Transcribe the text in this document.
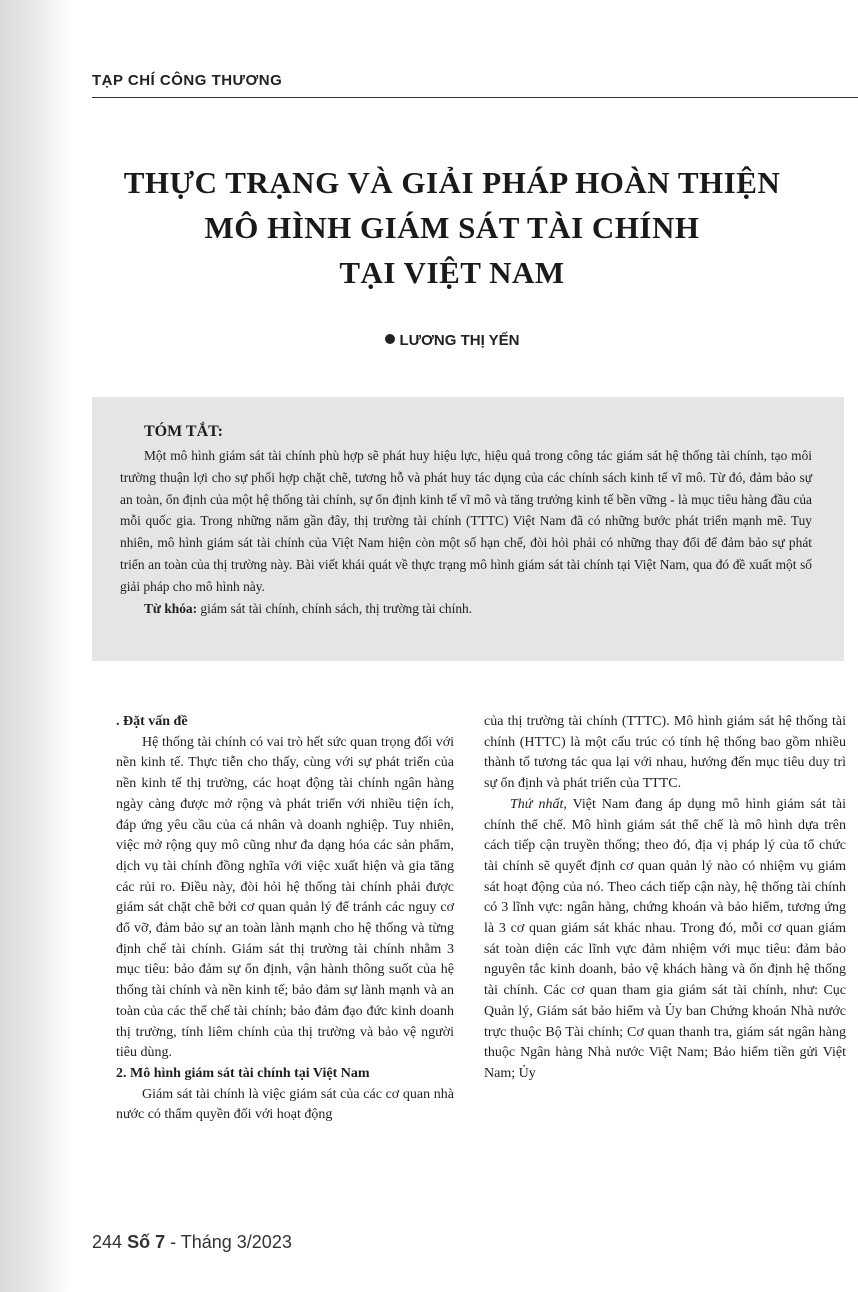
TẠP CHÍ CÔNG THƯƠNG
THỰC TRẠNG VÀ GIẢI PHÁP HOÀN THIỆN
MÔ HÌNH GIÁM SÁT TÀI CHÍNH
TẠI VIỆT NAM
LƯƠNG THỊ YẾN
TÓM TẮT:
Một mô hình giám sát tài chính phù hợp sẽ phát huy hiệu lực, hiệu quả trong công tác giám sát hệ thống tài chính, tạo môi trường thuận lợi cho sự phối hợp chặt chẽ, tương hỗ và phát huy tác dụng của các chính sách kinh tế vĩ mô. Từ đó, đảm bảo sự an toàn, ổn định của một hệ thống tài chính, sự ổn định kinh tế vĩ mô và tăng trưởng kinh tế bền vững - là mục tiêu hàng đầu của mỗi quốc gia. Trong những năm gần đây, thị trường tài chính (TTTC) Việt Nam đã có những bước phát triển mạnh mẽ. Tuy nhiên, mô hình giám sát tài chính của Việt Nam hiện còn một số hạn chế, đòi hỏi phải có những thay đổi để đảm bảo sự phát triển an toàn của thị trường này. Bài viết khái quát về thực trạng mô hình giám sát tài chính tại Việt Nam, qua đó đề xuất một số giải pháp cho mô hình này.
Từ khóa: giám sát tài chính, chính sách, thị trường tài chính.

. Đặt vấn đề

Hệ thống tài chính có vai trò hết sức quan trọng đối với nền kinh tế. Thực tiễn cho thấy, cùng với sự phát triển của nền kinh tế thị trường, các hoạt động tài chính ngân hàng ngày càng được mở rộng và phát triển với nhiều tiện ích, đáp ứng yêu cầu của cá nhân và doanh nghiệp. Tuy nhiên, việc mở rộng quy mô cũng như đa dạng hóa các sản phẩm, dịch vụ tài chính đồng nghĩa với việc xuất hiện và gia tăng các rủi ro. Điều này, đòi hỏi hệ thống tài chính phải được giám sát chặt chẽ bởi cơ quan quản lý để tránh các nguy cơ đổ vỡ, đảm bảo sự an toàn lành mạnh cho hệ thống và từng định chế tài chính. Giám sát thị trường tài chính nhằm 3 mục tiêu: bảo đảm sự ổn định, vận hành thông suốt của hệ thống tài chính và nền kinh tế; bảo đảm sự lành mạnh và an toàn của các thể chế tài chính; bảo đảm đạo đức kinh doanh thị trường, tính liêm chính của thị trường và bảo vệ người tiêu dùng.

2. Mô hình giám sát tài chính tại Việt Nam

Giám sát tài chính là việc giám sát của các cơ quan nhà nước có thẩm quyền đối với hoạt động

của thị trường tài chính (TTTC). Mô hình giám sát hệ thống tài chính (HTTC) là một cấu trúc có tính hệ thống bao gồm nhiều thành tố tương tác qua lại với nhau, hướng đến mục tiêu duy trì sự ổn định và phát triển của TTTC.

Thứ nhất, Việt Nam đang áp dụng mô hình giám sát tài chính thể chế. Mô hình giám sát thể chế là mô hình dựa trên cách tiếp cận truyền thống; theo đó, địa vị pháp lý của tổ chức tài chính sẽ quyết định cơ quan quản lý nào có nhiệm vụ giám sát hoạt động của nó. Theo cách tiếp cận này, hệ thống tài chính có 3 lĩnh vực: ngân hàng, chứng khoán và bảo hiểm, tương ứng là 3 cơ quan giám sát khác nhau. Trong đó, mỗi cơ quan giám sát toàn diện các lĩnh vực đảm nhiệm với mục tiêu: đảm bảo nguyên tắc kinh doanh, bảo vệ khách hàng và ổn định hệ thống tài chính. Các cơ quan tham gia giám sát tài chính, như: Cục Quản lý, Giám sát bảo hiểm và Ủy ban Chứng khoán Nhà nước trực thuộc Bộ Tài chính; Cơ quan thanh tra, giám sát ngân hàng thuộc Ngân hàng Nhà nước Việt Nam; Bảo hiểm tiền gửi Việt Nam; Ủy

244 Số 7 - Tháng 3/2023
